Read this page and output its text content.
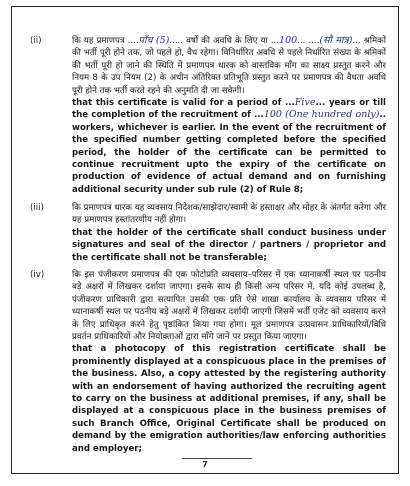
(ii)	कि यह प्रमाणपत्र ....पाँच (5)..... वर्षों की अवधि के लिए या ...100... ....(सौ मात्र)... श्रमिकों की भर्ती पूरी होने तक, जो पहले हो, वैध रहेगा। विनिर्धारित अवधि से पहले निर्धारित संख्या के श्रमिकों की भर्ती पूरी हो जाने की स्थिति में प्रमाणपत्र धारक को वास्तविक माँग का साक्ष्य प्रस्तुत करने और नियम 8 के उप नियम (2) के अधीन अतिरिक्त प्रतिभूति प्रस्तुत करने पर प्रमाणपत्र की वैधता अवधि पूरी होने तक भर्ती करते रहने की अनुमति दी जा सकेगी।

that this certificate is valid for a period of ...Five... years or till the completion of the recruitment of ...100 (One hundred only).. workers, whichever is earlier. In the event of the recruitment of the specified number getting completed before the specified period, the holder of the certificate can be permitted to continue recruitment upto the expiry of the certificate on production of evidence of actual demand and on furnishing additional security under sub rule (2) of Rule 8;

(iii)	कि प्रमाणपत्र धारक यह व्यवसाय निदेशक/साझेदार/स्वामी के हस्ताक्षर और मोहर के अंतर्गत करेगा और यह प्रमाणपत्र हस्तांतरणीय नहीं होगा।

that the holder of the certificate shall conduct business under signatures and seal of the director / partners / proprietor and the certificate shall not be transferable;

(iv)	कि इस पंजीकरण प्रमाणपत्र की एक फोटोप्रति व्यवसाय–परिसर में एक ध्यानाकर्षी स्थल पर पठनीय बड़े अक्षरों में लिखकर दर्शाया जाएगा। इसके साथ ही किसी अन्य परिसर में, यदि कोई उपलब्ध है, पंजीकरण प्राधिकारी द्वारा सत्यापित उसकी एक प्रति ऐसे शाखा कार्यालय के व्यवसाय परिसर में ध्यानाकर्षी स्थल पर पठनीय बड़े अक्षरों में लिखकर दर्शायी जाएगी जिसमें भर्ती एजेंट को व्यवसाय करने के लिए प्राधिकृत करने हेतु पृष्ठांकित किया गया होगा। मूल प्रमाणपत्र उत्प्रवासन प्राधिकारियों/विधि प्रवर्तन प्राधिकारियों और नियोक्ताओं द्वारा माँगे जाने पर प्रस्तुत किया जाएगा।

that a photocopy of this registration certificate shall be prominently displayed at a conspicuous place in the premises of the business. Also, a copy attested by the registering authority with an endorsement of having authorized the recruiting agent to carry on the business at additional premises, if any, shall be displayed at a conspicuous place in the business premises of such Branch Office, Original Certificate shall be produced on demand by the emigration authorities/law enforcing authorities and employer;

7
